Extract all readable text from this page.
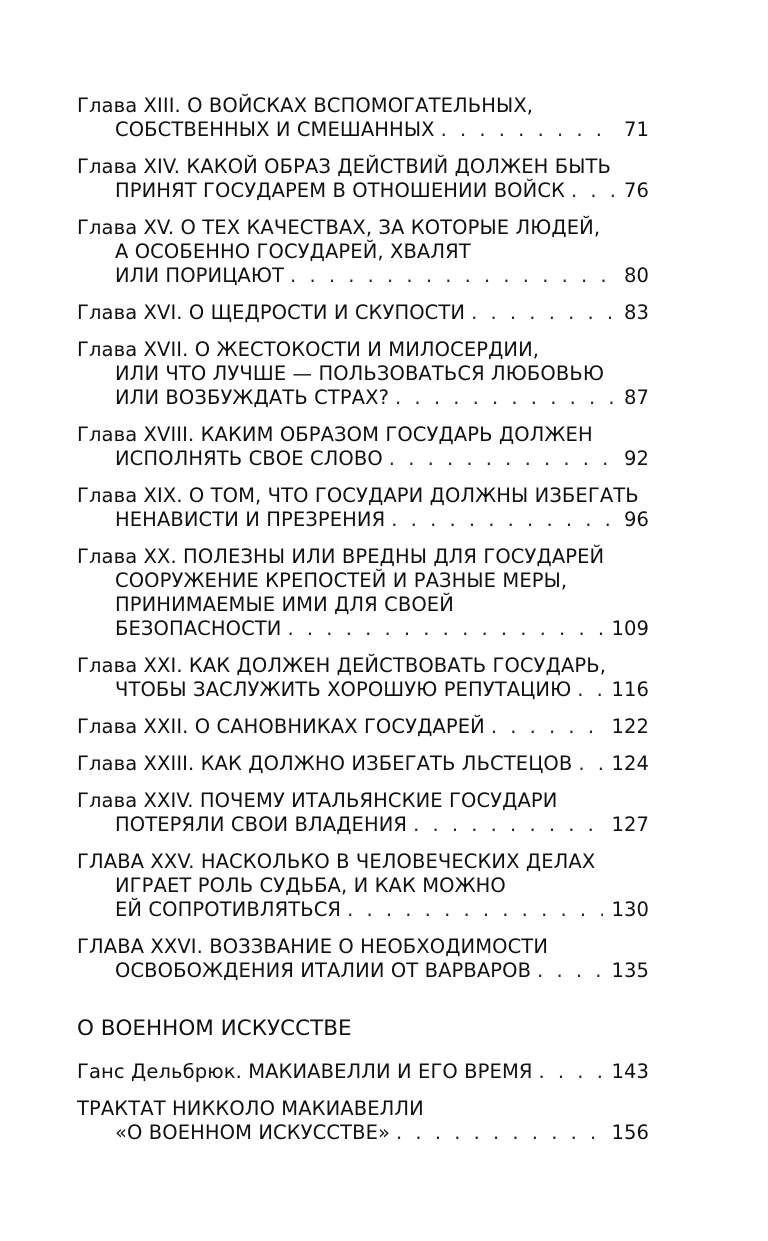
Глава XIII. О ВОЙСКАХ ВСПОМОГАТЕЛЬНЫХ,
СОБСТВЕННЫХ И СМЕШАННЫХ . . .	71
Глава XIV. КАКОЙ ОБРАЗ ДЕЙСТВИЙ ДОЛЖЕН БЫТЬ
ПРИНЯТ ГОСУДАРЕМ В ОТНОШЕНИИ ВОЙСК . . .	76
Глава XV. О ТЕХ КАЧЕСТВАХ, ЗА КОТОРЫЕ ЛЮДЕЙ,
А ОСОБЕННО ГОСУДАРЕЙ, ХВАЛЯТ
ИЛИ ПОРИЦАЮТ . . .	80
Глава XVI. О ЩЕДРОСТИ И СКУПОСТИ . . .	83
Глава XVII. О ЖЕСТОКОСТИ И МИЛОСЕРДИИ,
ИЛИ ЧТО ЛУЧШЕ — ПОЛЬЗОВАТЬСЯ ЛЮБОВЬЮ
ИЛИ ВОЗБУЖДАТЬ СТРАХ? . . .	87
Глава XVIII. КАКИМ ОБРАЗОМ ГОСУДАРЬ ДОЛЖЕН
ИСПОЛНЯТЬ СВОЕ СЛОВО . . .	92
Глава XIX. О ТОМ, ЧТО ГОСУДАРИ ДОЛЖНЫ ИЗБЕГАТЬ
НЕНАВИСТИ И ПРЕЗРЕНИЯ . . .	96
Глава XX. ПОЛЕЗНЫ ИЛИ ВРЕДНЫ ДЛЯ ГОСУДАРЕЙ
СООРУЖЕНИЕ КРЕПОСТЕЙ И РАЗНЫЕ МЕРЫ,
ПРИНИМАЕМЫЕ ИМИ ДЛЯ СВОЕЙ
БЕЗОПАСНОСТИ . . .	109
Глава XXI. КАК ДОЛЖЕН ДЕЙСТВОВАТЬ ГОСУДАРЬ,
ЧТОБЫ ЗАСЛУЖИТЬ ХОРОШУЮ РЕПУТАЦИЮ . . . 116
Глава XXII. О САНОВНИКАХ ГОСУДАРЕЙ . . .	122
Глава XXIII. КАК ДОЛЖНО ИЗБЕГАТЬ ЛЬСТЕЦОВ . . . 124
Глава XXIV. ПОЧЕМУ ИТАЛЬЯНСКИЕ ГОСУДАРИ
ПОТЕРЯЛИ СВОИ ВЛАДЕНИЯ . . .	127
ГЛАВА XXV. НАСКОЛЬКО В ЧЕЛОВЕЧЕСКИХ ДЕЛАХ
ИГРАЕТ РОЛЬ СУДЬБА, И КАК МОЖНО
ЕЙ СОПРОТИВЛЯТЬСЯ . . .	130
ГЛАВА XXVI. ВОЗЗВАНИЕ О НЕОБХОДИМОСТИ
ОСВОБОЖДЕНИЯ ИТАЛИИ ОТ ВАРВАРОВ . . .	135
О ВОЕННОМ ИСКУССТВЕ
Ганс Дельбрюк. МАКИАВЕЛЛИ И ЕГО ВРЕМЯ . . .	143
ТРАКТАТ НИККОЛО МАКИАВЕЛЛИ
«О ВОЕННОМ ИСКУССТВЕ» . . .	156
